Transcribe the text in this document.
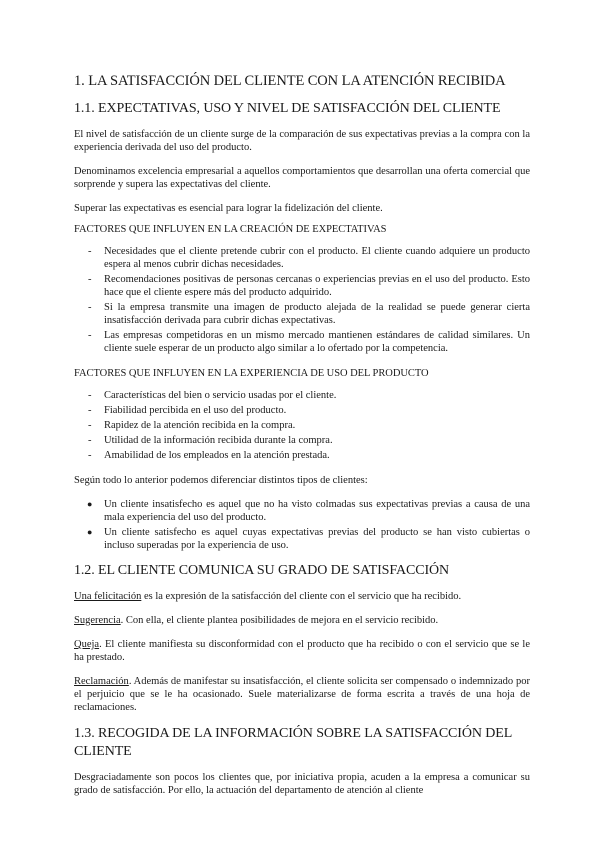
1. LA SATISFACCIÓN DEL CLIENTE CON LA ATENCIÓN RECIBIDA
1.1. EXPECTATIVAS, USO Y NIVEL DE SATISFACCIÓN DEL CLIENTE

El nivel de satisfacción de un cliente surge de la comparación de sus expectativas previas a la compra con la experiencia derivada del uso del producto.

Denominamos excelencia empresarial a aquellos comportamientos que desarrollan una oferta comercial que sorprende y supera las expectativas del cliente.

Superar las expectativas es esencial para lograr la fidelización del cliente.

FACTORES QUE INFLUYEN EN LA CREACIÓN DE EXPECTATIVAS
- Necesidades que el cliente pretende cubrir con el producto. El cliente cuando adquiere un producto espera al menos cubrir dichas necesidades.
- Recomendaciones positivas de personas cercanas o experiencias previas en el uso del producto. Esto hace que el cliente espere más del producto adquirido.
- Si la empresa transmite una imagen de producto alejada de la realidad se puede generar cierta insatisfacción derivada para cubrir dichas expectativas.
- Las empresas competidoras en un mismo mercado mantienen estándares de calidad similares. Un cliente suele esperar de un producto algo similar a lo ofertado por la competencia.
FACTORES QUE INFLUYEN EN LA EXPERIENCIA DE USO DEL PRODUCTO
- Características del bien o servicio usadas por el cliente.
- Fiabilidad percibida en el uso del producto.
- Rapidez de la atención recibida en la compra.
- Utilidad de la información recibida durante la compra.
- Amabilidad de los empleados en la atención prestada.

Según todo lo anterior podemos diferenciar distintos tipos de clientes:

● Un cliente insatisfecho es aquel que no ha visto colmadas sus expectativas previas a causa de una mala experiencia del uso del producto.
● Un cliente satisfecho es aquel cuyas expectativas previas del producto se han visto cubiertas o incluso superadas por la experiencia de uso.
1.2. EL CLIENTE COMUNICA SU GRADO DE SATISFACCIÓN

Una felicitación es la expresión de la satisfacción del cliente con el servicio que ha recibido.

Sugerencia. Con ella, el cliente plantea posibilidades de mejora en el servicio recibido.

Queja. El cliente manifiesta su disconformidad con el producto que ha recibido o con el servicio que se le ha prestado.

Reclamación. Además de manifestar su insatisfacción, el cliente solicita ser compensado o indemnizado por el perjuicio que se le ha ocasionado. Suele materializarse de forma escrita a través de una hoja de reclamaciones.

1.3. RECOGIDA DE LA INFORMACIÓN SOBRE LA SATISFACCIÓN DEL CLIENTE

Desgraciadamente son pocos los clientes que, por iniciativa propia, acuden a la empresa a comunicar su grado de satisfacción. Por ello, la actuación del departamento de atención al cliente
